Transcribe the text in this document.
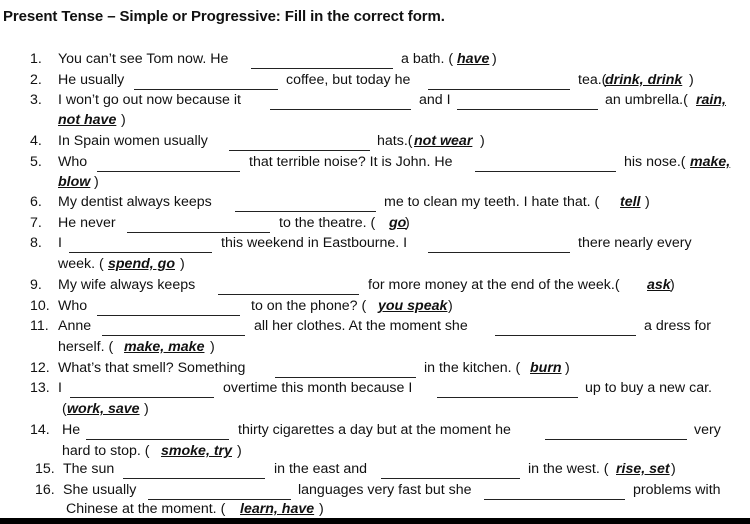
Present Tense – Simple or Progressive: Fill in the correct form.
1. You can’t see Tom now. He	a bath. ( have )
2. He usually	coffee, but today he	tea.(
drink, drink )
3. I won’t go out now because it	and I	an umbrella.( rain,
not have )
4. In Spain women usually	hats.( not wear )
5. Who	that terrible noise? It is John. He	his nose.( make,
blow )
6. My dentist always keeps	me to clean my teeth. I hate that. ( tell )
7. He never	to the theatre. ( go
)
8. I	this weekend in Eastbourne. I	there nearly every
week. ( spend, go )
9. My wife always keeps	for more money at the end of the week.( ask )
10. Who	to on the phone? ( you speak )
11. Anne	all her clothes. At the moment she	a dress for
herself. ( make, make )
12. What’s that smell? Something	in the kitchen. ( burn )
13. I	overtime this month because I	up to buy a new car.
( work, save )
14. He	thirty cigarettes a day but at the moment he	very
hard to stop. ( smoke, try )
15. The sun	in the east and	in the west. ( rise, set )
16. She usually	languages very fast but she	problems with
Chinese at the moment. ( learn, have )
